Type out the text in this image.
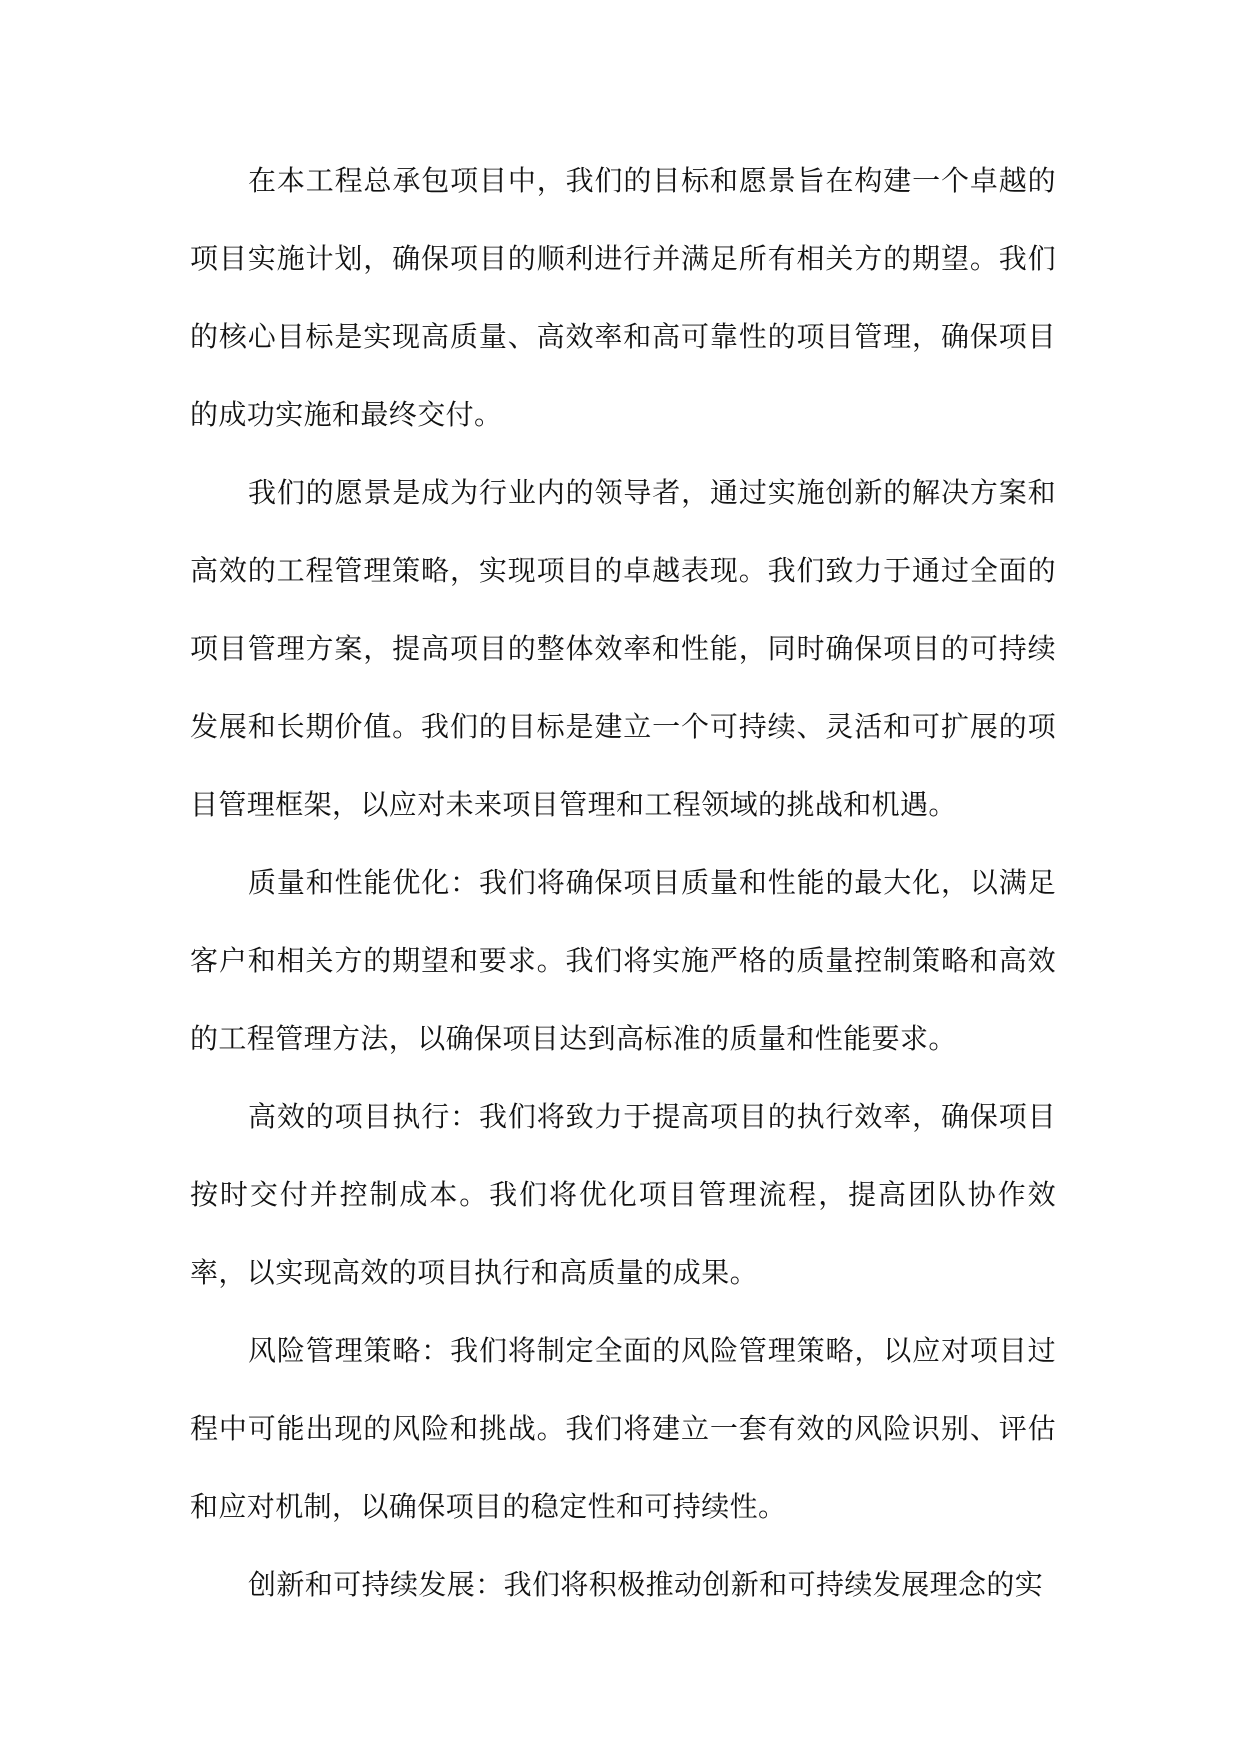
在本工程总承包项目中，我们的目标和愿景旨在构建一个卓越的项目实施计划，确保项目的顺利进行并满足所有相关方的期望。我们的核心目标是实现高质量、高效率和高可靠性的项目管理，确保项目的成功实施和最终交付。

我们的愿景是成为行业内的领导者，通过实施创新的解决方案和高效的工程管理策略，实现项目的卓越表现。我们致力于通过全面的项目管理方案，提高项目的整体效率和性能，同时确保项目的可持续发展和长期价值。我们的目标是建立一个可持续、灵活和可扩展的项目管理框架，以应对未来项目管理和工程领域的挑战和机遇。

质量和性能优化：我们将确保项目质量和性能的最大化，以满足客户和相关方的期望和要求。我们将实施严格的质量控制策略和高效的工程管理方法，以确保项目达到高标准的质量和性能要求。

高效的项目执行：我们将致力于提高项目的执行效率，确保项目按时交付并控制成本。我们将优化项目管理流程，提高团队协作效率，以实现高效的项目执行和高质量的成果。

风险管理策略：我们将制定全面的风险管理策略，以应对项目过程中可能出现的风险和挑战。我们将建立一套有效的风险识别、评估和应对机制，以确保项目的稳定性和可持续性。

创新和可持续发展：我们将积极推动创新和可持续发展理念的实
